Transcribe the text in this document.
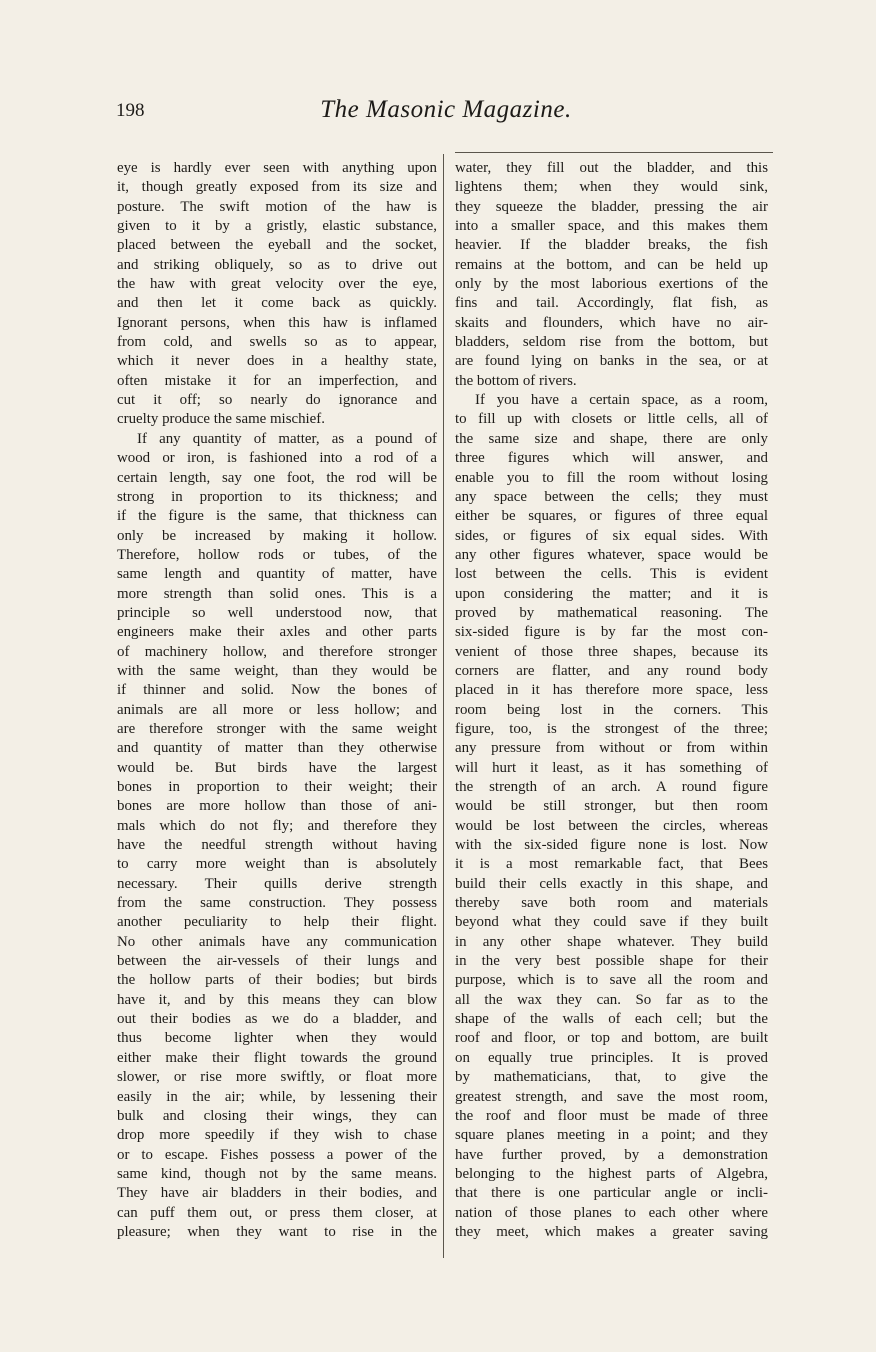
198	The Masonic Magazine.
eye is hardly ever seen with anything upon
it, though greatly exposed from its size and
posture. The swift motion of the haw is
given to it by a gristly, elastic substance,
placed between the eyeball and the socket,
and striking obliquely, so as to drive out
the haw with great velocity over the eye,
and then let it come back as quickly.
Ignorant persons, when this haw is inflamed
from cold, and swells so as to appear,
which it never does in a healthy state,
often mistake it for an imperfection, and
cut it off; so nearly do ignorance and
cruelty produce the same mischief.
If any quantity of matter, as a pound of
wood or iron, is fashioned into a rod of a
certain length, say one foot, the rod will be
strong in proportion to its thickness; and
if the figure is the same, that thickness can
only be increased by making it hollow.
Therefore, hollow rods or tubes, of the
same length and quantity of matter, have
more strength than solid ones. This is a
principle so well understood now, that
engineers make their axles and other parts
of machinery hollow, and therefore stronger
with the same weight, than they would be
if thinner and solid. Now the bones of
animals are all more or less hollow; and
are therefore stronger with the same weight
and quantity of matter than they otherwise
would be. But birds have the largest
bones in proportion to their weight; their
bones are more hollow than those of ani-
mals which do not fly; and therefore they
have the needful strength without having
to carry more weight than is absolutely
necessary. Their quills derive strength
from the same construction. They possess
another peculiarity to help their flight.
No other animals have any communication
between the air-vessels of their lungs and
the hollow parts of their bodies; but birds
have it, and by this means they can blow
out their bodies as we do a bladder, and
thus become lighter when they would
either make their flight towards the ground
slower, or rise more swiftly, or float more
easily in the air; while, by lessening their
bulk and closing their wings, they can
drop more speedily if they wish to chase
or to escape. Fishes possess a power of the
same kind, though not by the same means.
They have air bladders in their bodies, and
can puff them out, or press them closer, at
pleasure; when they want to rise in the
water, they fill out the bladder, and this
lightens them; when they would sink,
they squeeze the bladder, pressing the air
into a smaller space, and this makes them
heavier. If the bladder breaks, the fish
remains at the bottom, and can be held up
only by the most laborious exertions of the
fins and tail. Accordingly, flat fish, as
skaits and flounders, which have no air-
bladders, seldom rise from the bottom, but
are found lying on banks in the sea, or at
the bottom of rivers.
If you have a certain space, as a room,
to fill up with closets or little cells, all of
the same size and shape, there are only
three figures which will answer, and
enable you to fill the room without losing
any space between the cells; they must
either be squares, or figures of three equal
sides, or figures of six equal sides. With
any other figures whatever, space would be
lost between the cells. This is evident
upon considering the matter; and it is
proved by mathematical reasoning. The
six-sided figure is by far the most con-
venient of those three shapes, because its
corners are flatter, and any round body
placed in it has therefore more space, less
room being lost in the corners. This
figure, too, is the strongest of the three;
any pressure from without or from within
will hurt it least, as it has something of
the strength of an arch. A round figure
would be still stronger, but then room
would be lost between the circles, whereas
with the six-sided figure none is lost. Now
it is a most remarkable fact, that Bees
build their cells exactly in this shape, and
thereby save both room and materials
beyond what they could save if they built
in any other shape whatever. They build
in the very best possible shape for their
purpose, which is to save all the room and
all the wax they can. So far as to the
shape of the walls of each cell; but the
roof and floor, or top and bottom, are built
on equally true principles. It is proved
by mathematicians, that, to give the
greatest strength, and save the most room,
the roof and floor must be made of three
square planes meeting in a point; and they
have further proved, by a demonstration
belonging to the highest parts of Algebra,
that there is one particular angle or incli-
nation of those planes to each other where
they meet, which makes a greater saving
